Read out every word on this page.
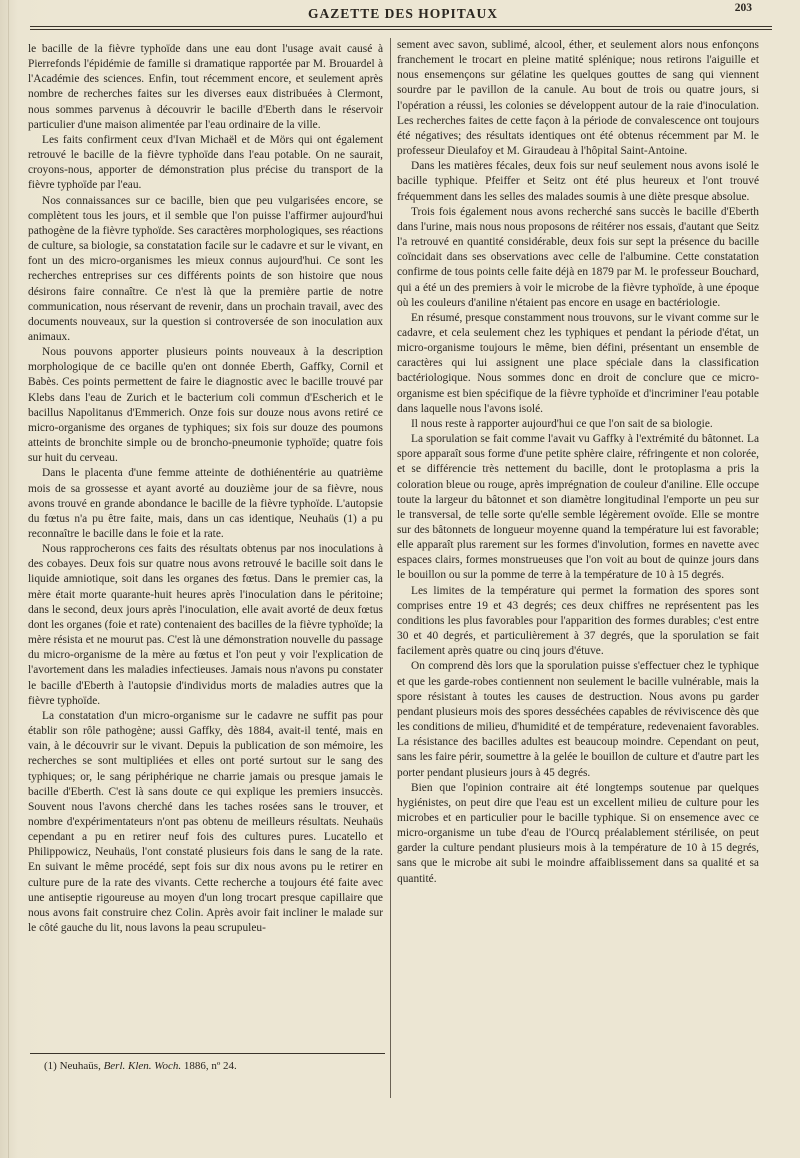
GAZETTE DES HOPITAUX	203

le bacille de la fièvre typhoïde dans une eau dont l'usage avait causé à Pierrefonds l'épidémie de famille si dramatique rapportée par M. Brouardel à l'Académie des sciences. Enfin, tout récemment encore, et seulement après nombre de recherches faites sur les diverses eaux distribuées à Clermont, nous sommes parvenus à découvrir le bacille d'Eberth dans le réservoir particulier d'une maison alimentée par l'eau ordinaire de la ville.

Les faits confirment ceux d'Ivan Michaël et de Mörs qui ont également retrouvé le bacille de la fièvre typhoïde dans l'eau potable. On ne saurait, croyons-nous, apporter de démonstration plus précise du transport de la fièvre typhoïde par l'eau.

Nos connaissances sur ce bacille, bien que peu vulgarisées encore, se complètent tous les jours, et il semble que l'on puisse l'affirmer aujourd'hui pathogène de la fièvre typhoïde. Ses caractères morphologiques, ses réactions de culture, sa biologie, sa constatation facile sur le cadavre et sur le vivant, en font un des micro-organismes les mieux connus aujourd'hui. Ce sont les recherches entreprises sur ces différents points de son histoire que nous désirons faire connaître. Ce n'est là que la première partie de notre communication, nous réservant de revenir, dans un prochain travail, avec des documents nouveaux, sur la question si controversée de son inoculation aux animaux.

Nous pouvons apporter plusieurs points nouveaux à la description morphologique de ce bacille qu'en ont donnée Eberth, Gaffky, Cornil et Babès. Ces points permettent de faire le diagnostic avec le bacille trouvé par Klebs dans l'eau de Zurich et le bacterium coli commun d'Escherich et le bacillus Napolitanus d'Emmerich. Onze fois sur douze nous avons retiré ce micro-organisme des organes de typhiques; six fois sur douze des poumons atteints de bronchite simple ou de broncho-pneumonie typhoïde; quatre fois sur huit du cerveau.

Dans le placenta d'une femme atteinte de dothiénentérie au quatrième mois de sa grossesse et ayant avorté au douzième jour de sa fièvre, nous avons trouvé en grande abondance le bacille de la fièvre typhoïde. L'autopsie du fœtus n'a pu être faite, mais, dans un cas identique, Neuhaüs (1) a pu reconnaître le bacille dans le foie et la rate.

Nous rapprocherons ces faits des résultats obtenus par nos inoculations à des cobayes. Deux fois sur quatre nous avons retrouvé le bacille soit dans le liquide amniotique, soit dans les organes des fœtus. Dans le premier cas, la mère était morte quarante-huit heures après l'inoculation dans le péritoine; dans le second, deux jours après l'inoculation, elle avait avorté de deux fœtus dont les organes (foie et rate) contenaient des bacilles de la fièvre typhoïde; la mère résista et ne mourut pas. C'est là une démonstration nouvelle du passage du micro-organisme de la mère au fœtus et l'on peut y voir l'explication de l'avortement dans les maladies infectieuses. Jamais nous n'avons pu constater le bacille d'Eberth à l'autopsie d'individus morts de maladies autres que la fièvre typhoïde.

La constatation d'un micro-organisme sur le cadavre ne suffit pas pour établir son rôle pathogène; aussi Gaffky, dès 1884, avait-il tenté, mais en vain, à le découvrir sur le vivant. Depuis la publication de son mémoire, les recherches se sont multipliées et elles ont porté surtout sur le sang des typhiques; or, le sang périphérique ne charrie jamais ou presque jamais le bacille d'Eberth. C'est là sans doute ce qui explique les premiers insuccès. Souvent nous l'avons cherché dans les taches rosées sans le trouver, et nombre d'expérimentateurs n'ont pas obtenu de meilleurs résultats. Neuhaüs cependant a pu en retirer neuf fois des cultures pures. Lucatello et Philippowicz, Neuhaüs, l'ont constaté plusieurs fois dans le sang de la rate. En suivant le même procédé, sept fois sur dix nous avons pu le retirer en culture pure de la rate des vivants. Cette recherche a toujours été faite avec une antiseptie rigoureuse au moyen d'un long trocart presque capillaire que nous avons fait construire chez Colin. Après avoir fait incliner le malade sur le côté gauche du lit, nous lavons la peau scrupuleu-

sement avec savon, sublimé, alcool, éther, et seulement alors nous enfonçons franchement le trocart en pleine matité splénique; nous retirons l'aiguille et nous ensemençons sur gélatine les quelques gouttes de sang qui viennent sourdre par le pavillon de la canule. Au bout de trois ou quatre jours, si l'opération a réussi, les colonies se développent autour de la raie d'inoculation. Les recherches faites de cette façon à la période de convalescence ont toujours été négatives; des résultats identiques ont été obtenus récemment par M. le professeur Dieulafoy et M. Giraudeau à l'hôpital Saint-Antoine.

Dans les matières fécales, deux fois sur neuf seulement nous avons isolé le bacille typhique. Pfeiffer et Seitz ont été plus heureux et l'ont trouvé fréquemment dans les selles des malades soumis à une diète presque absolue.

Trois fois également nous avons recherché sans succès le bacille d'Eberth dans l'urine, mais nous nous proposons de réitérer nos essais, d'autant que Seitz l'a retrouvé en quantité considérable, deux fois sur sept la présence du bacille coïncidait dans ses observations avec celle de l'albumine. Cette constatation confirme de tous points celle faite déjà en 1879 par M. le professeur Bouchard, qui a été un des premiers à voir le microbe de la fièvre typhoïde, à une époque où les couleurs d'aniline n'étaient pas encore en usage en bactériologie.

En résumé, presque constamment nous trouvons, sur le vivant comme sur le cadavre, et cela seulement chez les typhiques et pendant la période d'état, un micro-organisme toujours le même, bien défini, présentant un ensemble de caractères qui lui assignent une place spéciale dans la classification bactériologique. Nous sommes donc en droit de conclure que ce micro-organisme est bien spécifique de la fièvre typhoïde et d'incriminer l'eau potable dans laquelle nous l'avons isolé.

Il nous reste à rapporter aujourd'hui ce que l'on sait de sa biologie.

La sporulation se fait comme l'avait vu Gaffky à l'extrémité du bâtonnet. La spore apparaît sous forme d'une petite sphère claire, réfringente et non colorée, et se différencie très nettement du bacille, dont le protoplasma a pris la coloration bleue ou rouge, après imprégnation de couleur d'aniline. Elle occupe toute la largeur du bâtonnet et son diamètre longitudinal l'emporte un peu sur le transversal, de telle sorte qu'elle semble légèrement ovoïde. Elle se montre sur des bâtonnets de longueur moyenne quand la température lui est favorable; elle apparaît plus rarement sur les formes d'involution, formes en navette avec espaces clairs, formes monstrueuses que l'on voit au bout de quinze jours dans le bouillon ou sur la pomme de terre à la température de 10 à 15 degrés.

Les limites de la température qui permet la formation des spores sont comprises entre 19 et 43 degrés; ces deux chiffres ne représentent pas les conditions les plus favorables pour l'apparition des formes durables; c'est entre 30 et 40 degrés, et particulièrement à 37 degrés, que la sporulation se fait facilement après quatre ou cinq jours d'étuve.

On comprend dès lors que la sporulation puisse s'effectuer chez le typhique et que les garde-robes contiennent non seulement le bacille vulnérable, mais la spore résistant à toutes les causes de destruction. Nous avons pu garder pendant plusieurs mois des spores desséchées capables de réviviscence dès que les conditions de milieu, d'humidité et de température, redevenaient favorables. La résistance des bacilles adultes est beaucoup moindre. Cependant on peut, sans les faire périr, soumettre à la gelée le bouillon de culture et d'autre part les porter pendant plusieurs jours à 45 degrés.

Bien que l'opinion contraire ait été longtemps soutenue par quelques hygiénistes, on peut dire que l'eau est un excellent milieu de culture pour les microbes et en particulier pour le bacille typhique. Si on ensemence avec ce micro-organisme un tube d'eau de l'Ourcq préalablement stérilisée, on peut garder la culture pendant plusieurs mois à la température de 10 à 15 degrés, sans que le microbe ait subi le moindre affaiblissement dans sa qualité et sa quantité.

(1) Neuhaüs, Berl. Klen. Woch. 1886, nº 24.
